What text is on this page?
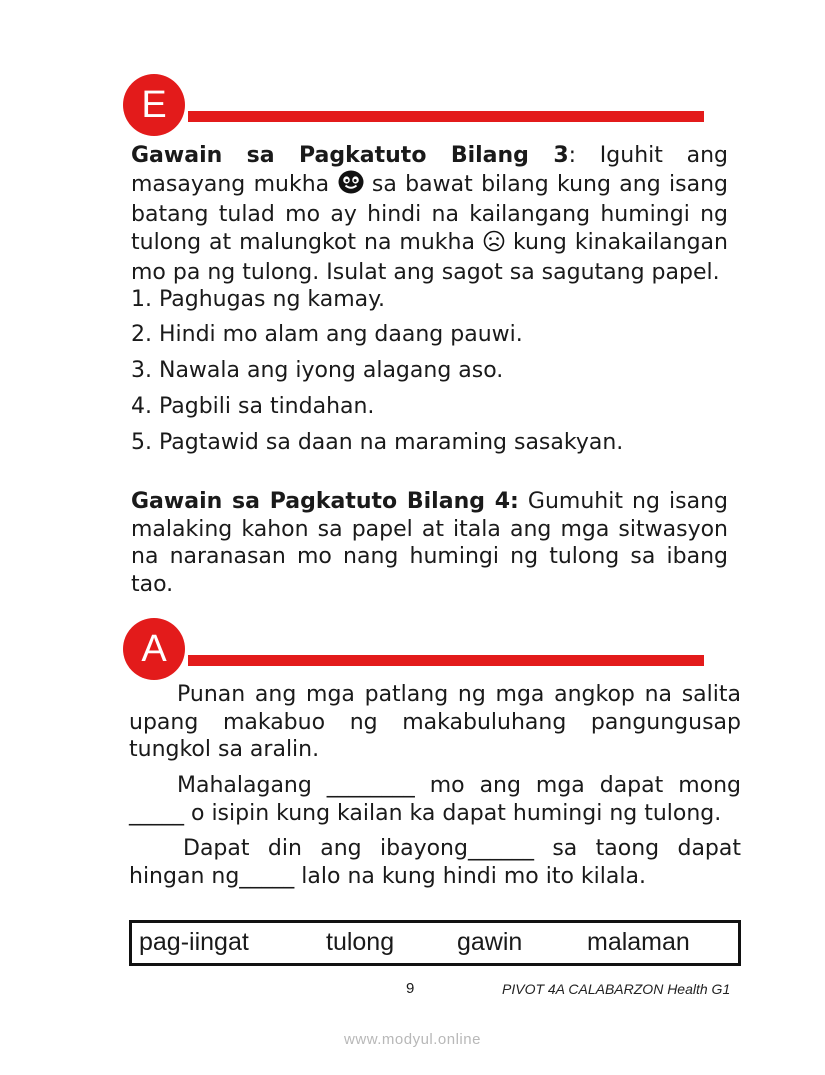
E
Gawain sa Pagkatuto Bilang 3: Iguhit ang masayang mukha  sa bawat bilang kung ang isang batang tulad mo ay hindi na kailangang humingi ng tulong at malungkot na mukha  kung kinakailangan mo pa ng tulong. Isulat ang sagot sa sagutang papel.
1. Paghugas ng kamay.
2. Hindi mo alam ang daang pauwi.
3. Nawala ang iyong alagang aso.
4. Pagbili sa tindahan.
5. Pagtawid sa daan na maraming sasakyan.
Gawain sa Pagkatuto Bilang 4: Gumuhit ng isang malaking kahon sa papel at itala ang mga sitwasyon na naranasan mo nang humingi ng tulong sa ibang tao.
A
Punan ang mga patlang ng mga angkop na salita upang makabuo ng makabuluhang pangungusap tungkol sa aralin.
Mahalagang ________ mo ang mga dapat mong _____ o isipin kung kailan ka dapat humingi ng tulong.
Dapat din ang ibayong______ sa taong dapat hingan ng_____ lalo na kung hindi mo ito kilala.
pag-iingat	tulong	gawin	malaman
9	PIVOT 4A CALABARZON Health G1
www.modyul.online
